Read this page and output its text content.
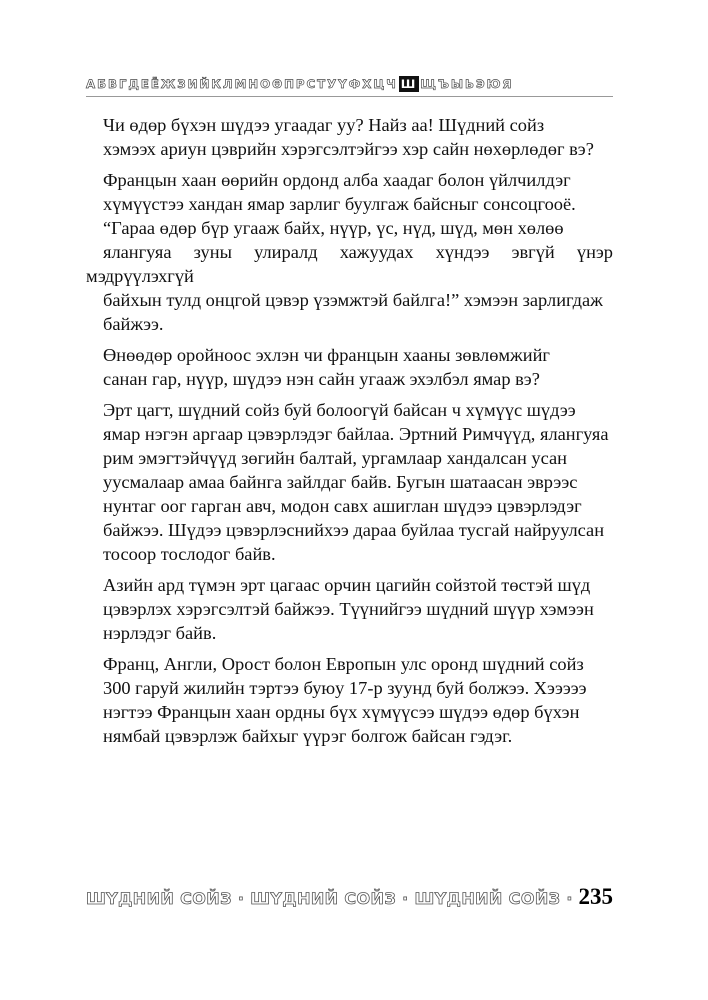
АБВГДЕЁЖЗИЙКЛМНОӨПРСТУҮФХЦЧ Ш ЩЪЫЬЭЮЯ

Чи өдөр бүхэн шүдээ угаадаг уу? Найз аа! Шүдний сойз
хэмээх ариун цэврийн хэрэгсэлтэйгээ хэр сайн нөхөрлөдөг вэ?

Францын хаан өөрийн ордонд алба хаадаг болон үйлчилдэг
хүмүүстээ хандан ямар зарлиг буулгаж байсныг сонсоцгооё.
“Гараа өдөр бүр угааж байх, нүүр, үс, нүд, шүд, мөн хөлөө
ялангуяа зуны улиралд хажуудах хүндээ эвгүй үнэр мэдрүүлэхгүй
байхын тулд онцгой цэвэр үзэмжтэй байлга!” хэмээн зарлигдаж
байжээ.

Өнөөдөр оройноос эхлэн чи францын хааны зөвлөмжийг
санан гар, нүүр, шүдээ нэн сайн угааж эхэлбэл ямар вэ?

Эрт цагт, шүдний сойз буй болоогүй байсан ч хүмүүс шүдээ
ямар нэгэн аргаар цэвэрлэдэг байлаа. Эртний Римчүүд, ялангуяа
рим эмэгтэйчүүд зөгийн балтай, ургамлаар хандалсан усан
уусмалаар амаа байнга зайлдаг байв. Бугын шатаасан эврээс
нунтаг оог гарган авч, модон савх ашиглан шүдээ цэвэрлэдэг
байжээ. Шүдээ цэвэрлэснийхээ дараа буйлаа тусгай найруулсан
тосоор тослодог байв.

Азийн ард түмэн эрт цагаас орчин цагийн сойзтой төстэй шүд
цэвэрлэх хэрэгсэлтэй байжээ. Түүнийгээ шүдний шүүр хэмээн
нэрлэдэг байв.

Франц, Англи, Орост болон Европын улс оронд шүдний сойз
300 гаруй жилийн тэртээ буюу 17-р зуунд буй болжээ. Хэээээ
нэгтээ Францын хаан ордны бүх хүмүүсээ шүдээ өдөр бүхэн
нямбай цэвэрлэж байхыг үүрэг болгож байсан гэдэг.

ШҮДНИЙ СОЙЗ · ШҮДНИЙ СОЙЗ · ШҮДНИЙ СОЙЗ · 235
